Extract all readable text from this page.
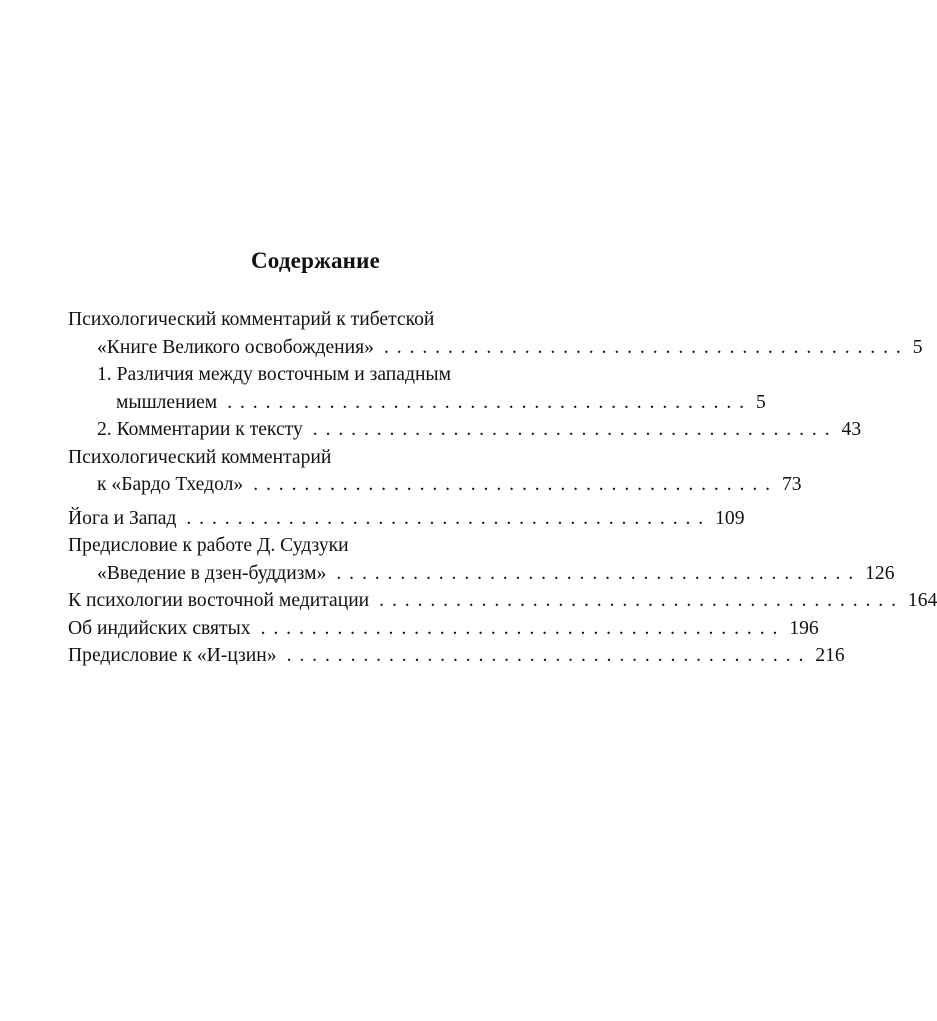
Содержание
Психологический комментарий к тибетской
«Книге Великого освобождения» ......................................... 5
1. Различия между восточным и западным
мышлением ......................................... 5
2. Комментарии к тексту ......................................... 43
Психологический комментарий
к «Бардо Тхедол» ......................................... 73
Йога и Запад ......................................... 109
Предисловие к работе Д. Судзуки
«Введение в дзен-буддизм» ......................................... 126
К психологии восточной медитации ......................................... 164
Об индийских святых ......................................... 196
Предисловие к «И-цзин» ......................................... 216
